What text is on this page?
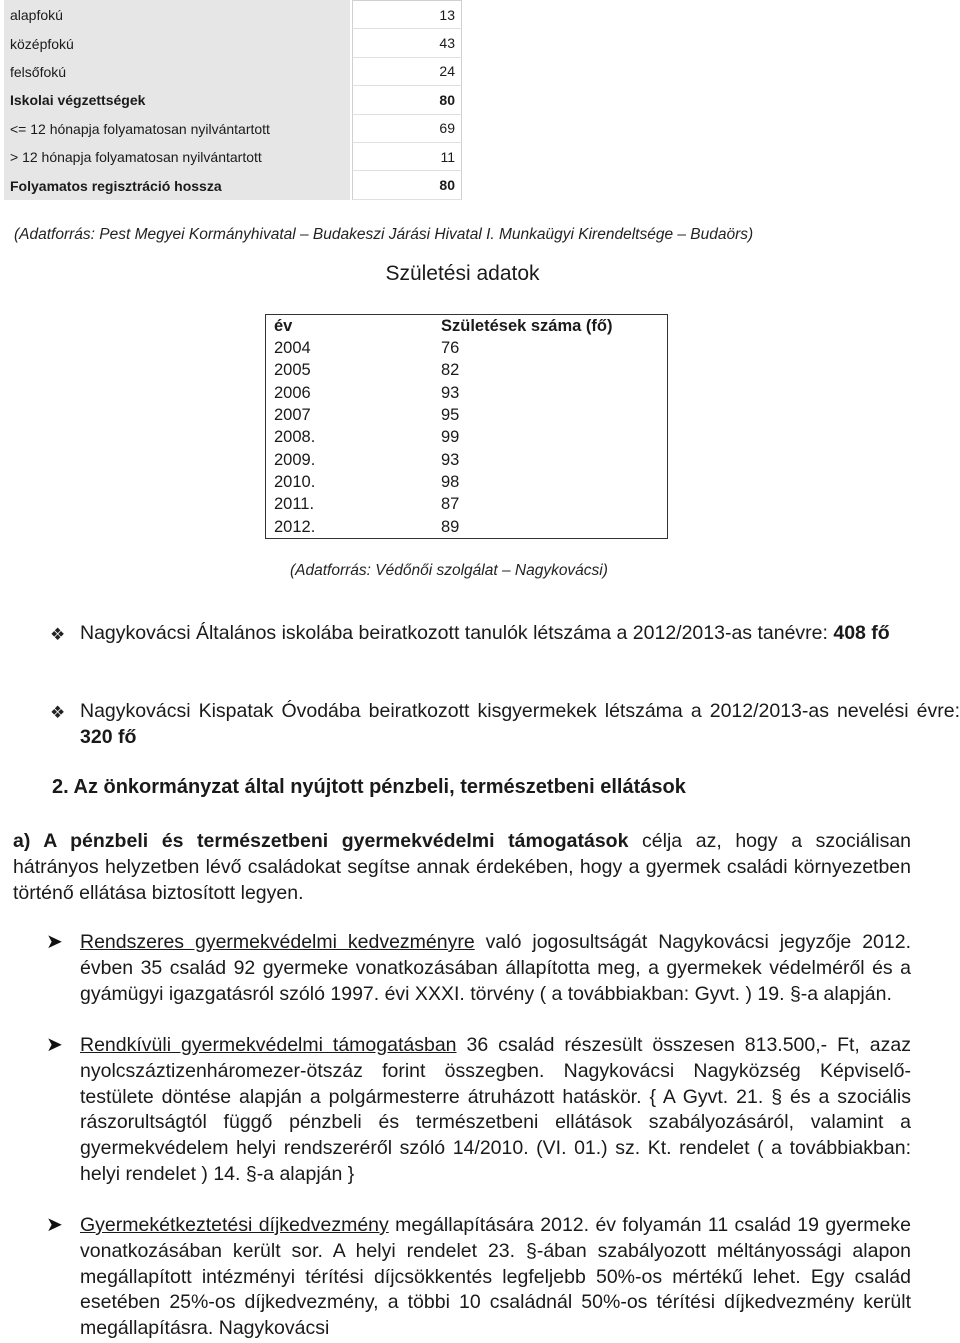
alapfokú	13
középfokú	43
felsőfokú	24
Iskolai végzettségek	80
<= 12 hónapja folyamatosan nyilvántartott	69
> 12 hónapja folyamatosan nyilvántartott	11
Folyamatos regisztráció hossza	80
(Adatforrás: Pest Megyei Kormányhivatal – Budakeszi Járási Hivatal I. Munkaügyi Kirendeltsége – Budaörs)
Születési adatok
év	Születések száma (fő)
2004	76
2005	82
2006	93
2007	95
2008.	99
2009.	93
2010.	98
2011.	87
2012.	89
(Adatforrás: Védőnői szolgálat – Nagykovácsi)
❖ Nagykovácsi Általános iskolába beiratkozott tanulók létszáma a 2012/2013-as tanévre: 408 fő
❖ Nagykovácsi Kispatak Óvodába beiratkozott kisgyermekek létszáma a 2012/2013-as nevelési évre: 320 fő
2. Az önkormányzat által nyújtott pénzbeli, természetbeni ellátások
a) A pénzbeli és természetbeni gyermekvédelmi támogatások célja az, hogy a szociálisan hátrányos helyzetben lévő családokat segítse annak érdekében, hogy a gyermek családi környezetben történő ellátása biztosított legyen.
➤ Rendszeres gyermekvédelmi kedvezményre való jogosultságát Nagykovácsi jegyzője 2012. évben 35 család 92 gyermeke vonatkozásában állapította meg, a gyermekek védelméről és a gyámügyi igazgatásról szóló 1997. évi XXXI. törvény ( a továbbiakban: Gyvt. ) 19. §-a alapján.
➤ Rendkívüli gyermekvédelmi támogatásban 36 család részesült összesen 813.500,- Ft, azaz nyolcszáztizenháromezer-ötszáz forint összegben. Nagykovácsi Nagyközség Képviselő-testülete döntése alapján a polgármesterre átruházott hatáskör. { A Gyvt. 21. § és a szociális rászorultságtól függő pénzbeli és természetbeni ellátások szabályozásáról, valamint a gyermekvédelem helyi rendszeréről szóló 14/2010. (VI. 01.) sz. Kt. rendelet ( a továbbiakban: helyi rendelet ) 14. §-a alapján }
➤ Gyermekétkeztetési díjkedvezmény megállapítására 2012. év folyamán 11 család 19 gyermeke vonatkozásában került sor. A helyi rendelet 23. §-ában szabályozott méltányossági alapon megállapított intézményi térítési díjcsökkentés legfeljebb 50%-os mértékű lehet. Egy család esetében 25%-os díjkedvezmény, a többi 10 családnál 50%-os térítési díjkedvezmény került megállapításra. Nagykovácsi
